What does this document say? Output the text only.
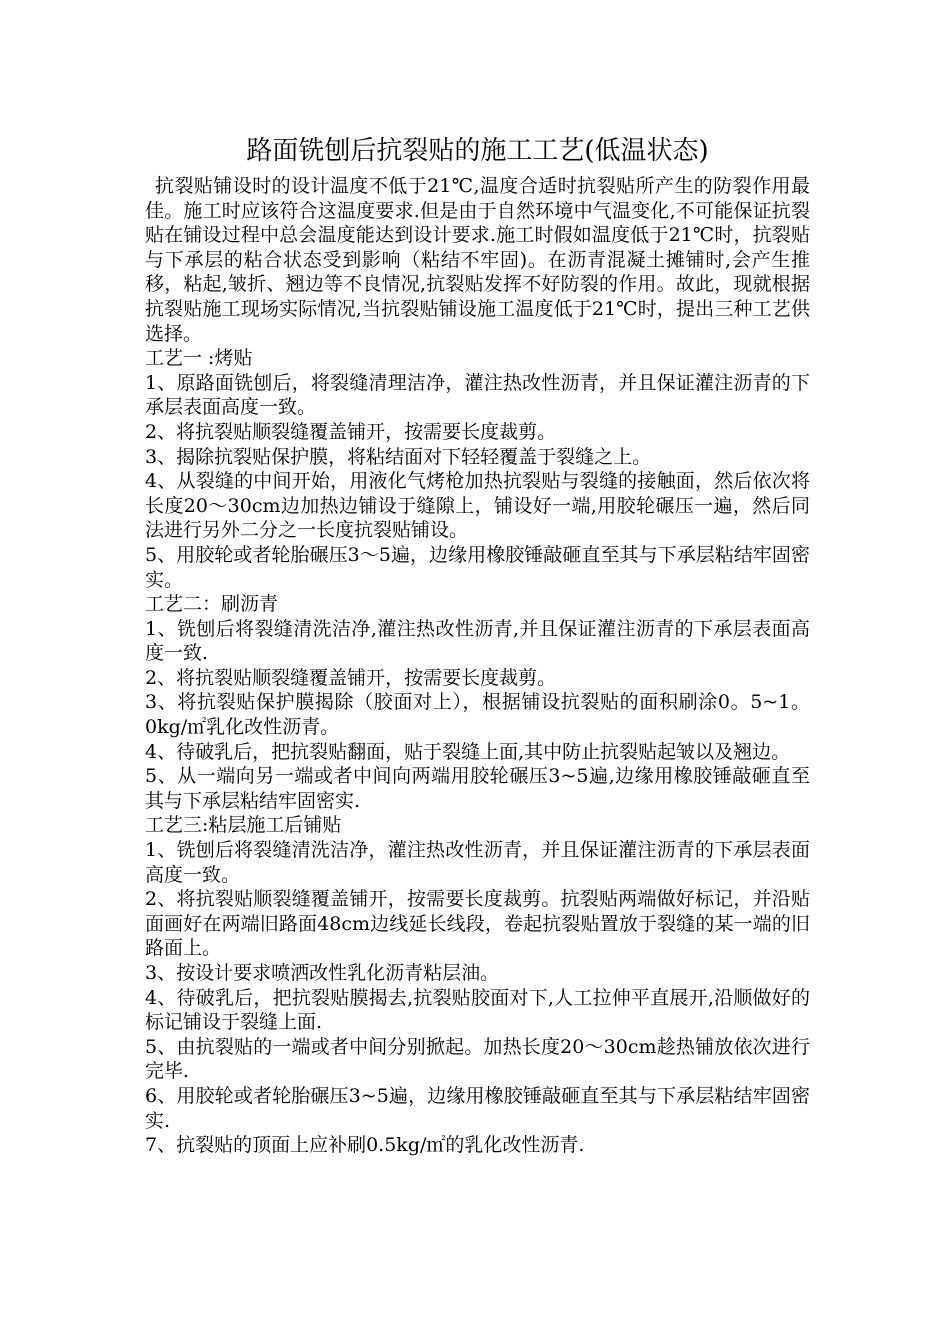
路面铣刨后抗裂贴的施工工艺(低温状态)

抗裂贴铺设时的设计温度不低于21℃,温度合适时抗裂贴所产生的防裂作用最佳。施工时应该符合这温度要求.但是由于自然环境中气温变化,不可能保证抗裂贴在铺设过程中总会温度能达到设计要求.施工时假如温度低于21℃时，抗裂贴与下承层的粘合状态受到影响（粘结不牢固)。在沥青混凝土摊铺时,会产生推移，粘起,皱折、翘边等不良情况,抗裂贴发挥不好防裂的作用。故此，现就根据抗裂贴施工现场实际情况,当抗裂贴铺设施工温度低于21℃时，提出三种工艺供选择。

工艺一 :烤贴

1、原路面铣刨后，将裂缝清理洁净，灌注热改性沥青，并且保证灌注沥青的下承层表面高度一致。

2、将抗裂贴顺裂缝覆盖铺开，按需要长度裁剪。

3、揭除抗裂贴保护膜，将粘结面对下轻轻覆盖于裂缝之上。

4、从裂缝的中间开始，用液化气烤枪加热抗裂贴与裂缝的接触面，然后依次将长度20～30cm边加热边铺设于缝隙上，铺设好一端,用胶轮碾压一遍，然后同法进行另外二分之一长度抗裂贴铺设。

5、用胶轮或者轮胎碾压3～5遍，边缘用橡胶锤敲砸直至其与下承层粘结牢固密实。

工艺二：刷沥青

1、铣刨后将裂缝清洗洁净,灌注热改性沥青,并且保证灌注沥青的下承层表面高度一致.

2、将抗裂贴顺裂缝覆盖铺开，按需要长度裁剪。

3、将抗裂贴保护膜揭除（胶面对上），根据铺设抗裂贴的面积刷涂0。5~1。0kg/㎡乳化改性沥青。

4、待破乳后，把抗裂贴翻面，贴于裂缝上面,其中防止抗裂贴起皱以及翘边。

5、从一端向另一端或者中间向两端用胶轮碾压3~5遍,边缘用橡胶锤敲砸直至其与下承层粘结牢固密实.

工艺三:粘层施工后铺贴

1、铣刨后将裂缝清洗洁净，灌注热改性沥青，并且保证灌注沥青的下承层表面高度一致。

2、将抗裂贴顺裂缝覆盖铺开，按需要长度裁剪。抗裂贴两端做好标记，并沿贴面画好在两端旧路面48cm边线延长线段，卷起抗裂贴置放于裂缝的某一端的旧路面上。

3、按设计要求喷洒改性乳化沥青粘层油。

4、待破乳后，把抗裂贴膜揭去,抗裂贴胶面对下,人工拉伸平直展开,沿顺做好的标记铺设于裂缝上面.

5、由抗裂贴的一端或者中间分别掀起。加热长度20～30cm趁热铺放依次进行完毕.

6、用胶轮或者轮胎碾压3~5遍，边缘用橡胶锤敲砸直至其与下承层粘结牢固密实.

7、抗裂贴的顶面上应补刷0.5kg/㎡的乳化改性沥青.
